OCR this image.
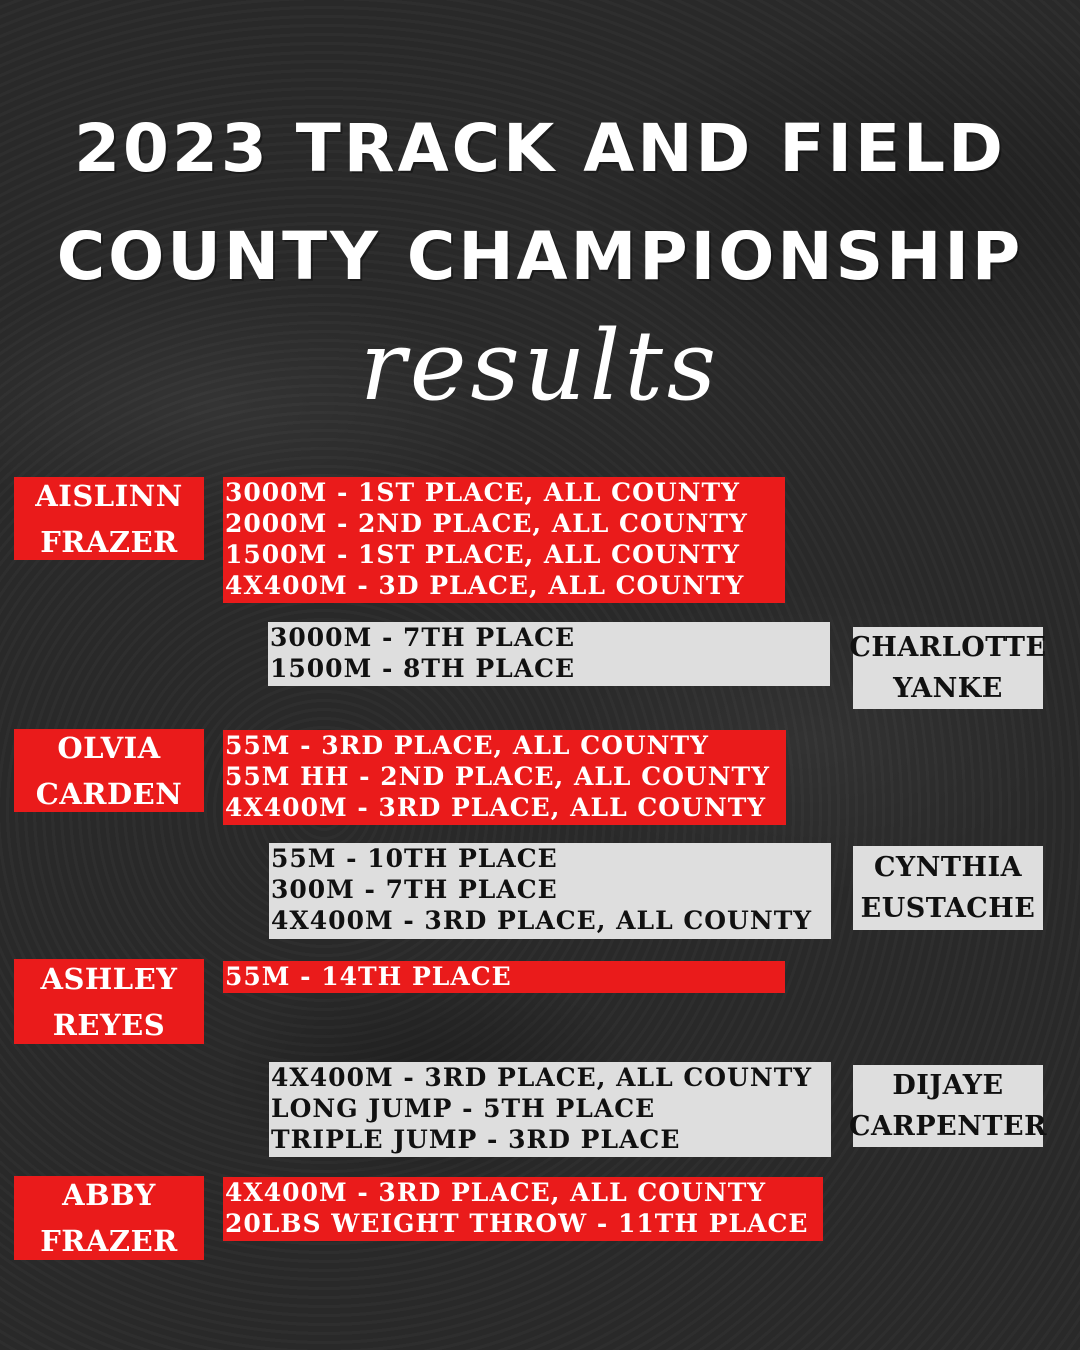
2023 TRACK AND FIELD
COUNTY CHAMPIONSHIP
results
AISLINN
FRAZER
3000M - 1ST PLACE, ALL COUNTY
2000M - 2ND PLACE, ALL COUNTY
1500M - 1ST PLACE, ALL COUNTY
4X400M - 3D PLACE, ALL COUNTY
3000M - 7TH PLACE
1500M - 8TH PLACE
CHARLOTTE
YANKE
OLVIA
CARDEN
55M - 3RD PLACE, ALL COUNTY
55M HH - 2ND PLACE, ALL COUNTY
4X400M - 3RD PLACE, ALL COUNTY
55M - 10TH PLACE
300M - 7TH PLACE
4X400M - 3RD PLACE, ALL COUNTY
CYNTHIA
EUSTACHE
ASHLEY
REYES
55M - 14TH PLACE
4X400M - 3RD PLACE, ALL COUNTY
LONG JUMP - 5TH PLACE
TRIPLE JUMP - 3RD PLACE
DIJAYE
CARPENTER
ABBY
FRAZER
4X400M - 3RD PLACE, ALL COUNTY
20LBS WEIGHT THROW - 11TH PLACE
